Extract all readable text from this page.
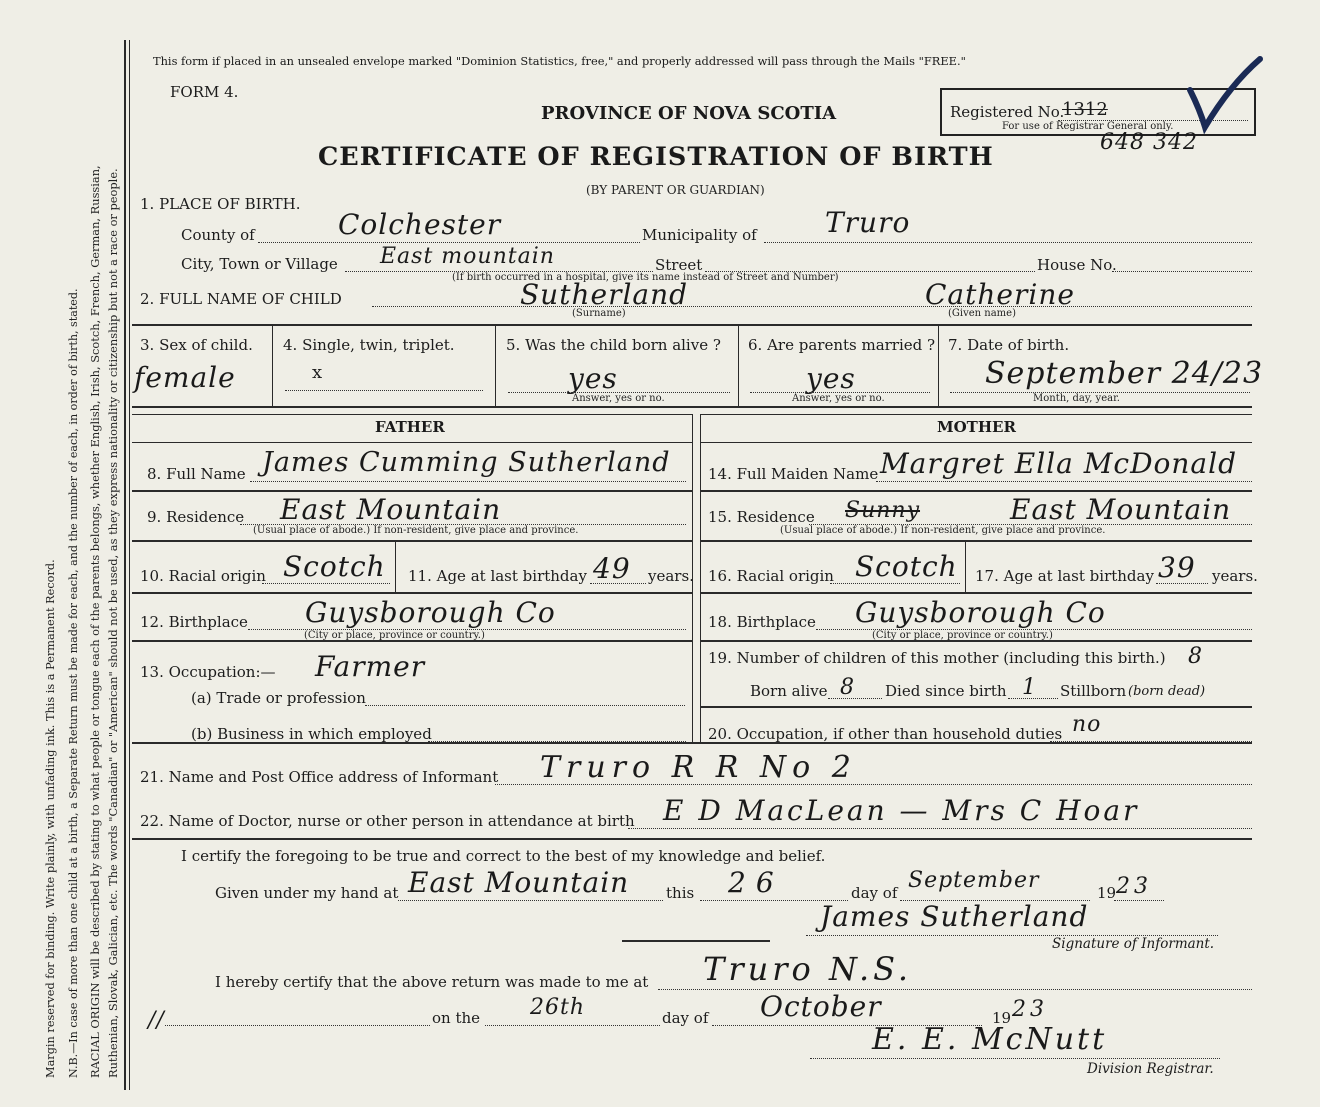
Margin reserved for binding. Write plainly, with unfading ink. This is a Permanent Record. N.B.—In case of more than one child at a birth, a Separate Return must be made for each, and the number of each, in order of birth, stated. RACIAL ORIGIN will be described by stating to what people or tongue each of the parents belongs, whether English, Irish, Scotch, French, German, Russian, Ruthenian, Slovak, Galician, etc. The words "Canadian" or "American" should not be used, as they express nationality or citizenship but not a race or people.
This form if placed in an unsealed envelope marked "Dominion Statistics, free," and properly addressed will pass through the Mails "FREE."
FORM 4.
PROVINCE OF NOVA SCOTIA
CERTIFICATE OF REGISTRATION OF BIRTH
(BY PARENT OR GUARDIAN)
Registered No.
1312
For use of Registrar General only.
648 342
1. PLACE OF BIRTH.
County of	Colchester	Municipality of Truro
City, Town or Village East mountain	Street	House No.
(If birth occurred in a hospital, give its name instead of Street and Number)
2. FULL NAME OF CHILD	Sutherland
(Surname)
Catherine
(Given name)
3. Sex of child.
female
4. Single, twin, triplet.
x
5. Was the child born alive ?
yes
Answer, yes or no.
6. Are parents married ?
yes
Answer, yes or no.
7. Date of birth.
September 24/23
Month, day, year.
FATHER	MOTHER
8. Full Name James Cumming Sutherland
9. Residence East Mountain
(Usual place of abode.) If non-resident, give place and province.
10. Racial origin Scotch 11. Age at last birthday 49 years.
12. Birthplace Guysborough Co
(City or place, province or country.)
13. Occupation:— Farmer
(a) Trade or profession
(b) Business in which employed
14. Full Maiden Name Margret Ella McDonald
15. Residence Sunny	East Mountain
(Usual place of abode.) If non-resident, give place and province.
16. Racial origin Scotch 17. Age at last birthday 39 years.
18. Birthplace Guysborough Co
(City or place, province or country.)
19. Number of children of this mother (including this birth.) 8
Born alive 8 Died since birth 1 Stillborn (born dead)
20. Occupation, if other than household duties no
21. Name and Post Office address of Informant Truro R R No 2
22. Name of Doctor, nurse or other person in attendance at birth E D MacLean — Mrs C Hoar
I certify the foregoing to be true and correct to the best of my knowledge and belief.
Given under my hand at East Mountain this 26	day of September	19 23
James Sutherland
Signature of Informant.
I hereby certify that the above return was made to me at Truro N.S.
//	on the 26th	day of October	19 23
E. E. McNutt
Division Registrar.
